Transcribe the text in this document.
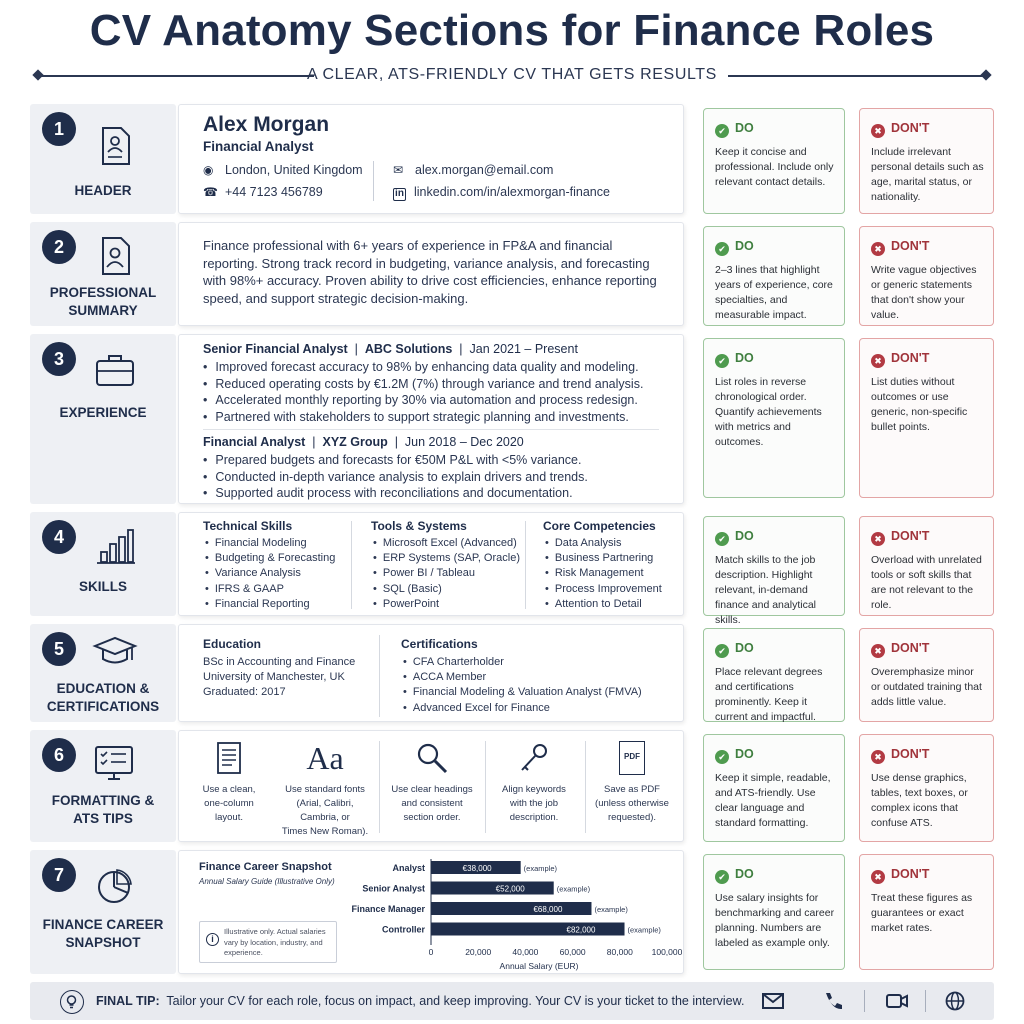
CV Anatomy Sections for Finance Roles
A CLEAR, ATS-FRIENDLY CV THAT GETS RESULTS
1
HEADER
Alex Morgan
Financial Analyst
◉ London, United Kingdom
☎ +44 7123 456789
✉ alex.morgan@email.com
in linkedin.com/in/alexmorgan-finance
✔ DO
Keep it concise and professional. Include only relevant contact details.
✖ DON'T
Include irrelevant personal details such as age, marital status, or nationality.
2
PROFESSIONAL
SUMMARY
Finance professional with 6+ years of experience in FP&A and financial reporting. Strong track record in budgeting, variance analysis, and forecasting with 98%+ accuracy. Proven ability to drive cost efficiencies, enhance reporting speed, and support strategic decision-making.
✔ DO
2–3 lines that highlight years of experience, core specialties, and measurable impact.
✖ DON'T
Write vague objectives or generic statements that don't show your value.
3
EXPERIENCE
Senior Financial Analyst  |  ABC Solutions  |  Jan 2021 – Present
• Improved forecast accuracy to 98% by enhancing data quality and modeling.
• Reduced operating costs by €1.2M (7%) through variance and trend analysis.
• Accelerated monthly reporting by 30% via automation and process redesign.
• Partnered with stakeholders to support strategic planning and investments.
Financial Analyst  |  XYZ Group  |  Jun 2018 – Dec 2020
• Prepared budgets and forecasts for €50M P&L with <5% variance.
• Conducted in-depth variance analysis to explain drivers and trends.
• Supported audit process with reconciliations and documentation.
✔ DO
List roles in reverse chronological order. Quantify achievements with metrics and outcomes.
✖ DON'T
List duties without outcomes or use generic, non-specific bullet points.
4
SKILLS
Technical Skills
• Financial Modeling
• Budgeting & Forecasting
• Variance Analysis
• IFRS & GAAP
• Financial Reporting
Tools & Systems
• Microsoft Excel (Advanced)
• ERP Systems (SAP, Oracle)
• Power BI / Tableau
• SQL (Basic)
• PowerPoint
Core Competencies
• Data Analysis
• Business Partnering
• Risk Management
• Process Improvement
• Attention to Detail
✔ DO
Match skills to the job description. Highlight relevant, in-demand finance and analytical skills.
✖ DON'T
Overload with unrelated tools or soft skills that are not relevant to the role.
5
EDUCATION &
CERTIFICATIONS
Education
BSc in Accounting and Finance
University of Manchester, UK
Graduated: 2017
Certifications
• CFA Charterholder
• ACCA Member
• Financial Modeling & Valuation Analyst (FMVA)
• Advanced Excel for Finance
✔ DO
Place relevant degrees and certifications prominently. Keep it current and impactful.
✖ DON'T
Overemphasize minor or outdated training that adds little value.
6
FORMATTING &
ATS TIPS
Use a clean,
one-column
layout.
Aa
Use standard fonts
(Arial, Calibri,
Cambria, or
Times New Roman).
Use clear headings
and consistent
section order.
Align keywords
with the job
description.
PDF
Save as PDF
(unless otherwise
requested).
✔ DO
Keep it simple, readable, and ATS-friendly. Use clear language and standard formatting.
✖ DON'T
Use dense graphics, tables, text boxes, or complex icons that confuse ATS.
7
FINANCE CAREER
SNAPSHOT
Finance Career Snapshot
Annual Salary Guide (Illustrative Only)
i
Illustrative only. Actual salaries vary by location, industry, and experience.
Analyst	€38,000	(example)
Senior Analyst	€52,000	(example)
Finance Manager	€68,000	(example)
Controller	€82,000	(example)
0	20,000 40,000 60,000 80,000 100,000
Annual Salary (EUR)
✔ DO
Use salary insights for benchmarking and career planning. Numbers are labeled as example only.
✖ DON'T
Treat these figures as guarantees or exact market rates.
FINAL TIP: Tailor your CV for each role, focus on impact, and keep improving. Your CV is your ticket to the interview.
